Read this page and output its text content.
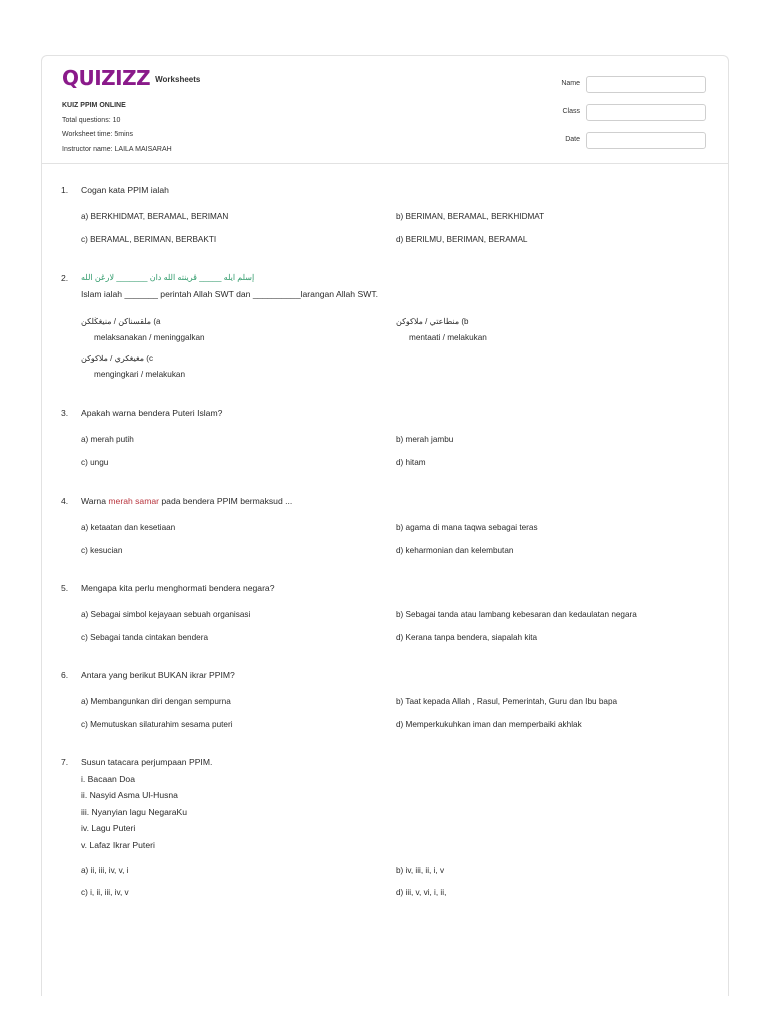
QUIZIZZ Worksheets
KUIZ PPIM ONLINE
Total questions: 10
Worksheet time: 5mins
Instructor name: LAILA MAISARAH
Name
Class
Date
1. Cogan kata PPIM ialah
a) BERKHIDMAT, BERAMAL, BERIMAN	b) BERIMAN, BERAMAL, BERKHIDMAT
c) BERAMAL, BERIMAN, BERBAKTI	d) BERILMU, BERIMAN, BERAMAL
2. إسلم ايله _____ ڤرينته الله دان _______ لارڠن الله
Islam ialah _______ perintah Allah SWT dan __________larangan Allah SWT.
ملقسناكن / منيڠڬلكن (a
melaksanakan / meninggalkan
منطاعتي / ملاكوكن (b
mentaati / melakukan
مڠيڠكري / ملاكوكن (c
mengingkari / melakukan
3. Apakah warna bendera Puteri Islam?
a) merah putih	b) merah jambu
c) ungu	d) hitam
4. Warna merah samar pada bendera PPIM bermaksud ...
a) ketaatan dan kesetiaan	b) agama di mana taqwa sebagai teras
c) kesucian	d) keharmonian dan kelembutan
5. Mengapa kita perlu menghormati bendera negara?
a) Sebagai simbol kejayaan sebuah organisasi	b) Sebagai tanda atau lambang kebesaran dan kedaulatan negara
c) Sebagai tanda cintakan bendera	d) Kerana tanpa bendera, siapalah kita
6. Antara yang berikut BUKAN ikrar PPIM?
a) Membangunkan diri dengan sempurna	b) Taat kepada Allah , Rasul, Pemerintah, Guru dan Ibu bapa
c) Memutuskan silaturahim sesama puteri	d) Memperkukuhkan iman dan memperbaiki akhlak
7. Susun tatacara perjumpaan PPIM.
i. Bacaan Doa
ii. Nasyid Asma Ul-Husna
iii. Nyanyian lagu NegaraKu
iv. Lagu Puteri
v. Lafaz Ikrar Puteri
a) ii, iii, iv, v, i	b) iv, iii, ii, i, v
c) i, ii, iii, iv, v	d) iii, v, vi, i, ii,
